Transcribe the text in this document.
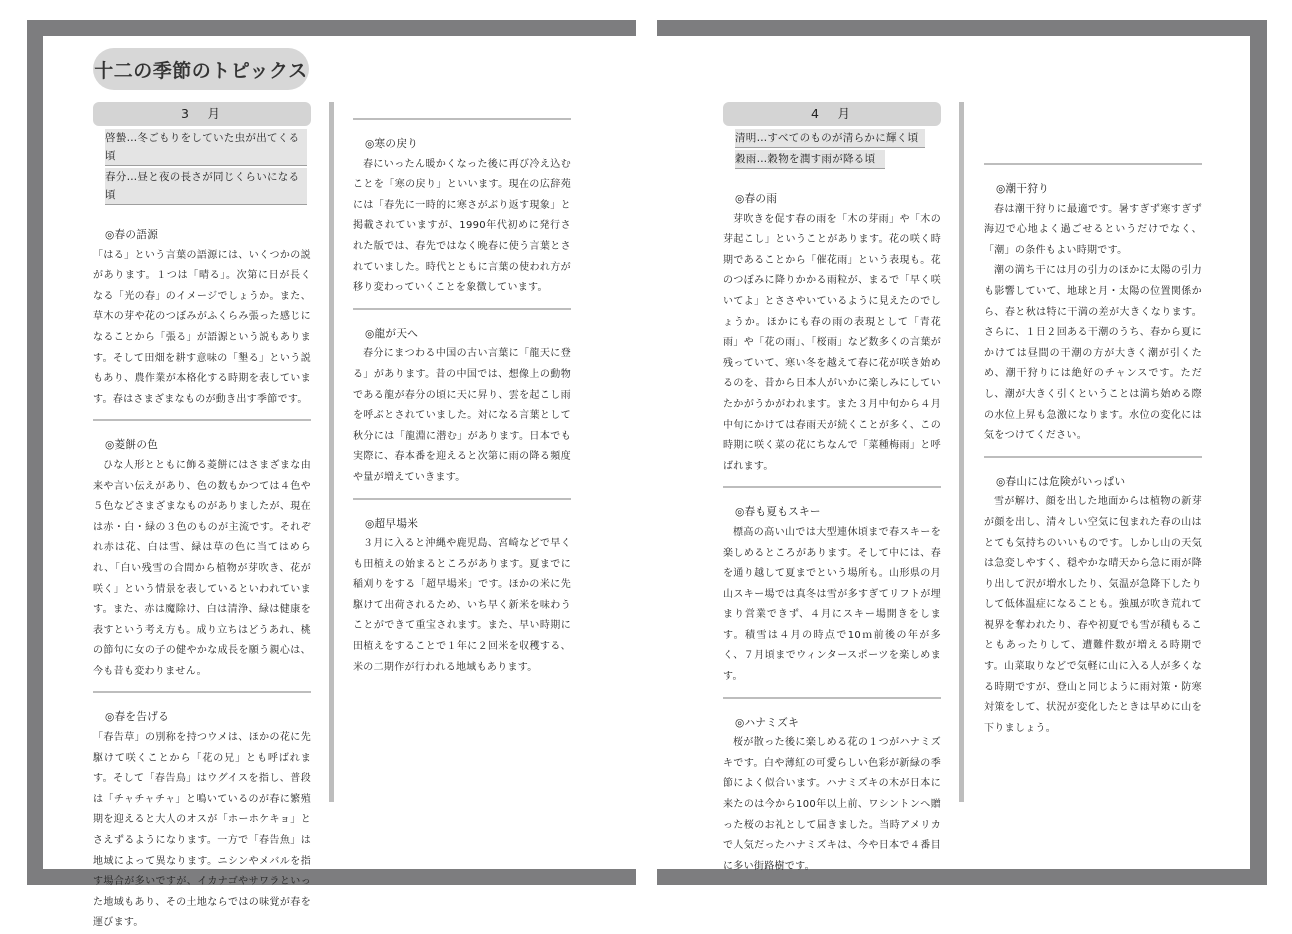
十二の季節のトピックス
3　月
啓蟄…冬ごもりをしていた虫が出てくる頃
春分…昼と夜の長さが同じくらいになる頃
◎春の語源

「はる」という言葉の語源には、いくつかの説があります。１つは「晴る」。次第に日が長くなる「光の春」のイメージでしょうか。また、草木の芽や花のつぼみがふくらみ張った感じになることから「張る」が語源という説もあります。そして田畑を耕す意味の「墾る」という説もあり、農作業が本格化する時期を表しています。春はさまざまなものが動き出す季節です。

◎菱餅の色

ひな人形とともに飾る菱餅にはさまざまな由来や言い伝えがあり、色の数もかつては４色や５色などさまざまなものがありましたが、現在は赤・白・緑の３色のものが主流です。それぞれ赤は花、白は雪、緑は草の色に当てはめられ、「白い残雪の合間から植物が芽吹き、花が咲く」という情景を表しているといわれています。また、赤は魔除け、白は清浄、緑は健康を表すという考え方も。成り立ちはどうあれ、桃の節句に女の子の健やかな成長を願う親心は、今も昔も変わりません。

◎春を告げる

「春告草」の別称を持つウメは、ほかの花に先駆けて咲くことから「花の兄」とも呼ばれます。そして「春告鳥」はウグイスを指し、普段は「チャチャチャ」と鳴いているのが春に繁殖期を迎えると大人のオスが「ホーホケキョ」とさえずるようになります。一方で「春告魚」は地域によって異なります。ニシンやメバルを指す場合が多いですが、イカナゴやサワラといった地域もあり、その土地ならではの味覚が春を運びます。

◎寒の戻り

春にいったん暖かくなった後に再び冷え込むことを「寒の戻り」といいます。現在の広辞苑には「春先に一時的に寒さがぶり返す現象」と掲載されていますが、1990年代初めに発行された版では、春先ではなく晩春に使う言葉とされていました。時代とともに言葉の使われ方が移り変わっていくことを象徴しています。

◎龍が天へ

春分にまつわる中国の古い言葉に「龍天に登る」があります。昔の中国では、想像上の動物である龍が春分の頃に天に昇り、雲を起こし雨を呼ぶとされていました。対になる言葉として秋分には「龍淵に潜む」があります。日本でも実際に、春本番を迎えると次第に雨の降る頻度や量が増えていきます。

◎超早場米

３月に入ると沖縄や鹿児島、宮崎などで早くも田植えの始まるところがあります。夏までに稲刈りをする「超早場米」です。ほかの米に先駆けて出荷されるため、いち早く新米を味わうことができて重宝されます。また、早い時期に田植えをすることで１年に２回米を収穫する、米の二期作が行われる地域もあります。

4　月
清明…すべてのものが清らかに輝く頃
穀雨…穀物を潤す雨が降る頃
◎春の雨

芽吹きを促す春の雨を「木の芽雨」や「木の芽起こし」ということがあります。花の咲く時期であることから「催花雨」という表現も。花のつぼみに降りかかる雨粒が、まるで「早く咲いてよ」とささやいているように見えたのでしょうか。ほかにも春の雨の表現として「青花雨」や「花の雨」、「桜雨」など数多くの言葉が残っていて、寒い冬を越えて春に花が咲き始めるのを、昔から日本人がいかに楽しみにしていたかがうかがわれます。また３月中旬から４月中旬にかけては春雨天が続くことが多く、この時期に咲く菜の花にちなんで「菜種梅雨」と呼ばれます。

◎春も夏もスキー

標高の高い山では大型連休頃まで春スキーを楽しめるところがあります。そして中には、春を通り越して夏までという場所も。山形県の月山スキー場では真冬は雪が多すぎてリフトが埋まり営業できず、４月にスキー場開きをします。積雪は４月の時点で10ｍ前後の年が多く、７月頃までウィンタースポーツを楽しめます。

◎ハナミズキ

桜が散った後に楽しめる花の１つがハナミズキです。白や薄紅の可愛らしい色彩が新緑の季節によく似合います。ハナミズキの木が日本に来たのは今から100年以上前、ワシントンへ贈った桜のお礼として届きました。当時アメリカで人気だったハナミズキは、今や日本で４番目に多い街路樹です。

◎潮干狩り

春は潮干狩りに最適です。暑すぎず寒すぎず海辺で心地よく過ごせるというだけでなく、「潮」の条件もよい時期です。

潮の満ち干には月の引力のほかに太陽の引力も影響していて、地球と月・太陽の位置関係から、春と秋は特に干満の差が大きくなります。さらに、１日２回ある干潮のうち、春から夏にかけては昼間の干潮の方が大きく潮が引くため、潮干狩りには絶好のチャンスです。ただし、潮が大きく引くということは満ち始める際の水位上昇も急激になります。水位の変化には気をつけてください。

◎春山には危険がいっぱい

雪が解け、顔を出した地面からは植物の新芽が顔を出し、清々しい空気に包まれた春の山はとても気持ちのいいものです。しかし山の天気は急変しやすく、穏やかな晴天から急に雨が降り出して沢が増水したり、気温が急降下したりして低体温症になることも。強風が吹き荒れて視界を奪われたり、春や初夏でも雪が積もることもあったりして、遭難件数が増える時期です。山菜取りなどで気軽に山に入る人が多くなる時期ですが、登山と同じように雨対策・防寒対策をして、状況が変化したときは早めに山を下りましょう。
